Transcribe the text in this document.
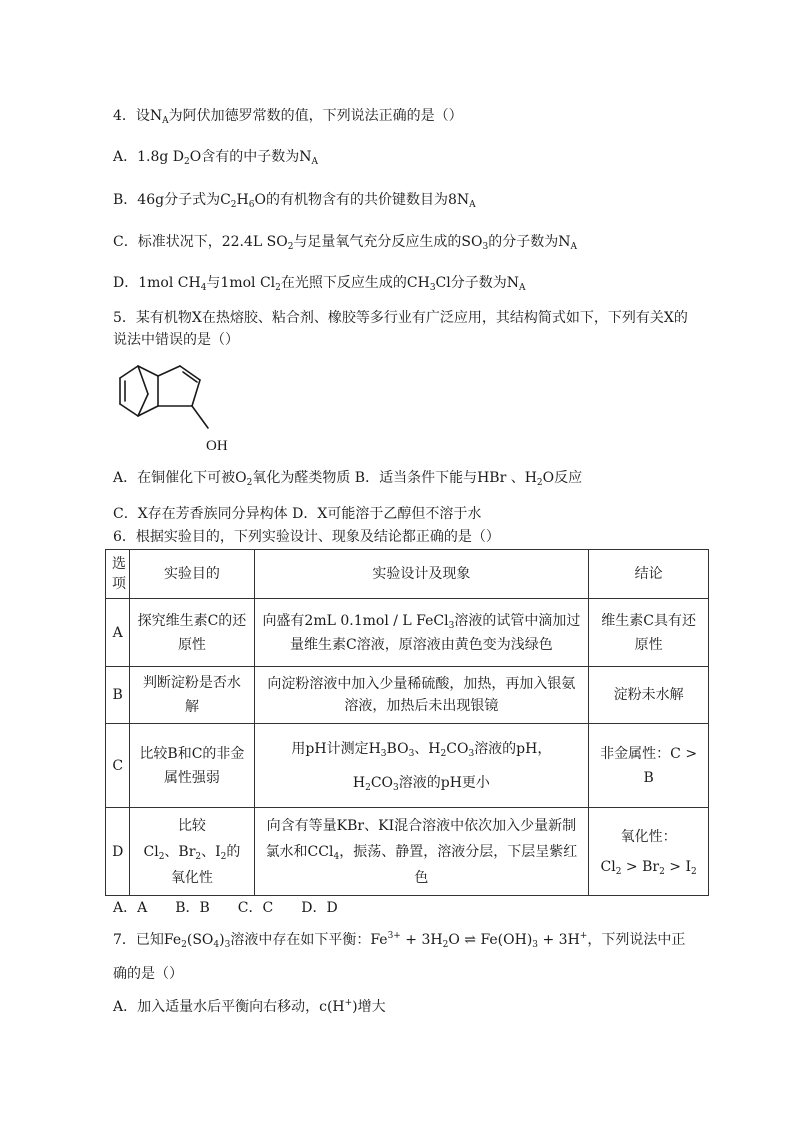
4．设$N_A$为阿伏加德罗常数的值，下列说法正确的是（）
A．1.8g $D_2O$含有的中子数为$N_A$
B．46g分子式为$C_2H_6O$的有机物含有的共价键数目为$8N_A$
C．标准状况下，22.4L $SO_2$与足量氧气充分反应生成的$SO_3$的分子数为$N_A$
D．1mol $CH_4$与1mol $Cl_2$在光照下反应生成的$CH_3Cl$分子数为$N_A$
5．某有机物X在热熔胶、粘合剂、橡胶等多行业有广泛应用，其结构简式如下，下列有关X的
说法中错误的是（）
OH
A．在铜催化下可被$O_2$氧化为醛类物质 B．适当条件下能与HBr 、$H_2O$反应
C．X存在芳香族同分异构体 D．X可能溶于乙醇但不溶于水
6．根据实验目的，下列实验设计、现象及结论都正确的是（）
选
项	实验目的	实验设计及现象	结论
A	探究维生素C的还原性	向盛有2mL 0.1mol / L FeCl$_3$溶液的试管中滴加过量维生素C溶液，原溶液由黄色变为浅绿色	维生素C具有还原性
B	判断淀粉是否水解	向淀粉溶液中加入少量稀硫酸，加热，再加入银氨溶液，加热后未出现银镜	淀粉未水解
C	比较B和C的非金属性强弱	用pH计测定$H_3BO_3$、$H_2CO_3$溶液的pH，
$H_2CO_3$溶液的pH更小	非金属性：C > B
D	比较
$Cl_2$、$Br_2$、$I_2$的
氧化性	向含有等量KBr、KI混合溶液中依次加入少量新制氯水和CCl$_4$，振荡、静置，溶液分层，下层呈紫红色	氧化性：
$Cl_2 > Br_2 > I_2$
A．A　　B．B　　C．C　　D．D
7．已知$Fe_2(SO_4)_3$溶液中存在如下平衡：$Fe^{3+} + 3H_2O$ ⇌ $Fe(OH)_3 + 3H^+$，下列说法中正
确的是（）
A．加入适量水后平衡向右移动，c(H+)增大
